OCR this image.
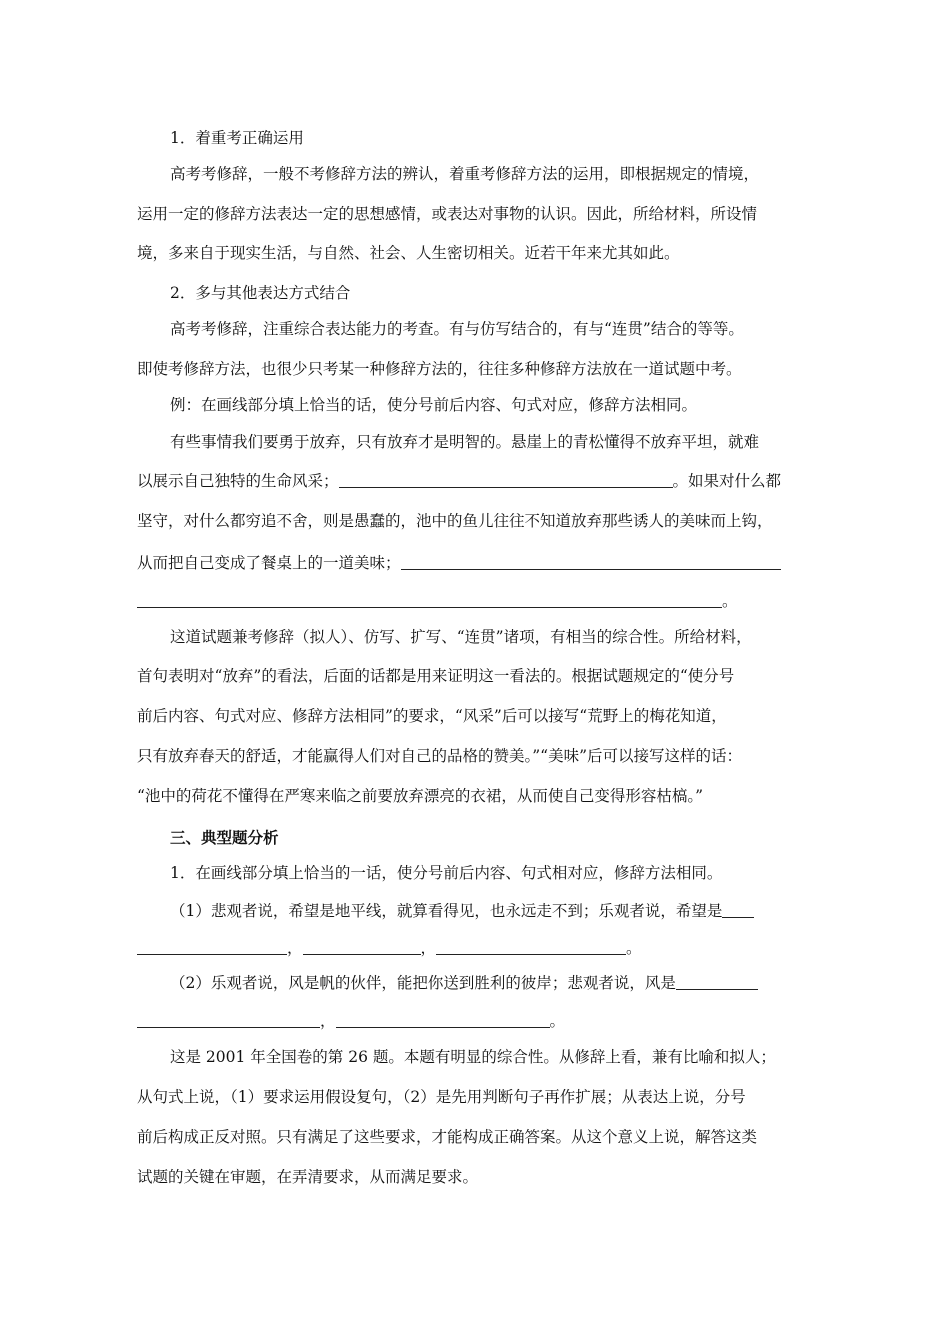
1．着重考正确运用
高考考修辞，一般不考修辞方法的辨认，着重考修辞方法的运用，即根据规定的情境，
运用一定的修辞方法表达一定的思想感情，或表达对事物的认识。因此，所给材料，所设情
境，多来自于现实生活，与自然、社会、人生密切相关。近若干年来尤其如此。
2．多与其他表达方式结合
高考考修辞，注重综合表达能力的考查。有与仿写结合的，有与“连贯”结合的等等。
即使考修辞方法，也很少只考某一种修辞方法的，往往多种修辞方法放在一道试题中考。
例：在画线部分填上恰当的话，使分号前后内容、句式对应，修辞方法相同。
有些事情我们要勇于放弃，只有放弃才是明智的。悬崖上的青松懂得不放弃平坦，就难
以展示自己独特的生命风采；	。如果对什么都
坚守，对什么都穷追不舍，则是愚蠢的，池中的鱼儿往往不知道放弃那些诱人的美味而上钩，
从而把自己变成了餐桌上的一道美味；
。
这道试题兼考修辞（拟人）、仿写、扩写、“连贯”诸项，有相当的综合性。所给材料，
首句表明对“放弃”的看法，后面的话都是用来证明这一看法的。根据试题规定的“使分号
前后内容、句式对应、修辞方法相同”的要求，“风采”后可以接写“荒野上的梅花知道，
只有放弃春天的舒适，才能赢得人们对自己的品格的赞美。”“美味”后可以接写这样的话：
“池中的荷花不懂得在严寒来临之前要放弃漂亮的衣裙，从而使自己变得形容枯槁。”
三、典型题分析
1．在画线部分填上恰当的一话，使分号前后内容、句式相对应，修辞方法相同。
（1）悲观者说，希望是地平线，就算看得见，也永远走不到；乐观者说，希望是
，	，	。
（2）乐观者说，风是帆的伙伴，能把你送到胜利的彼岸；悲观者说，风是
，	。
这是 2001 年全国卷的第 26 题。本题有明显的综合性。从修辞上看，兼有比喻和拟人；
从句式上说，（1）要求运用假设复句，（2）是先用判断句子再作扩展；从表达上说，分号
前后构成正反对照。只有满足了这些要求，才能构成正确答案。从这个意义上说，解答这类
试题的关键在审题，在弄清要求，从而满足要求。
